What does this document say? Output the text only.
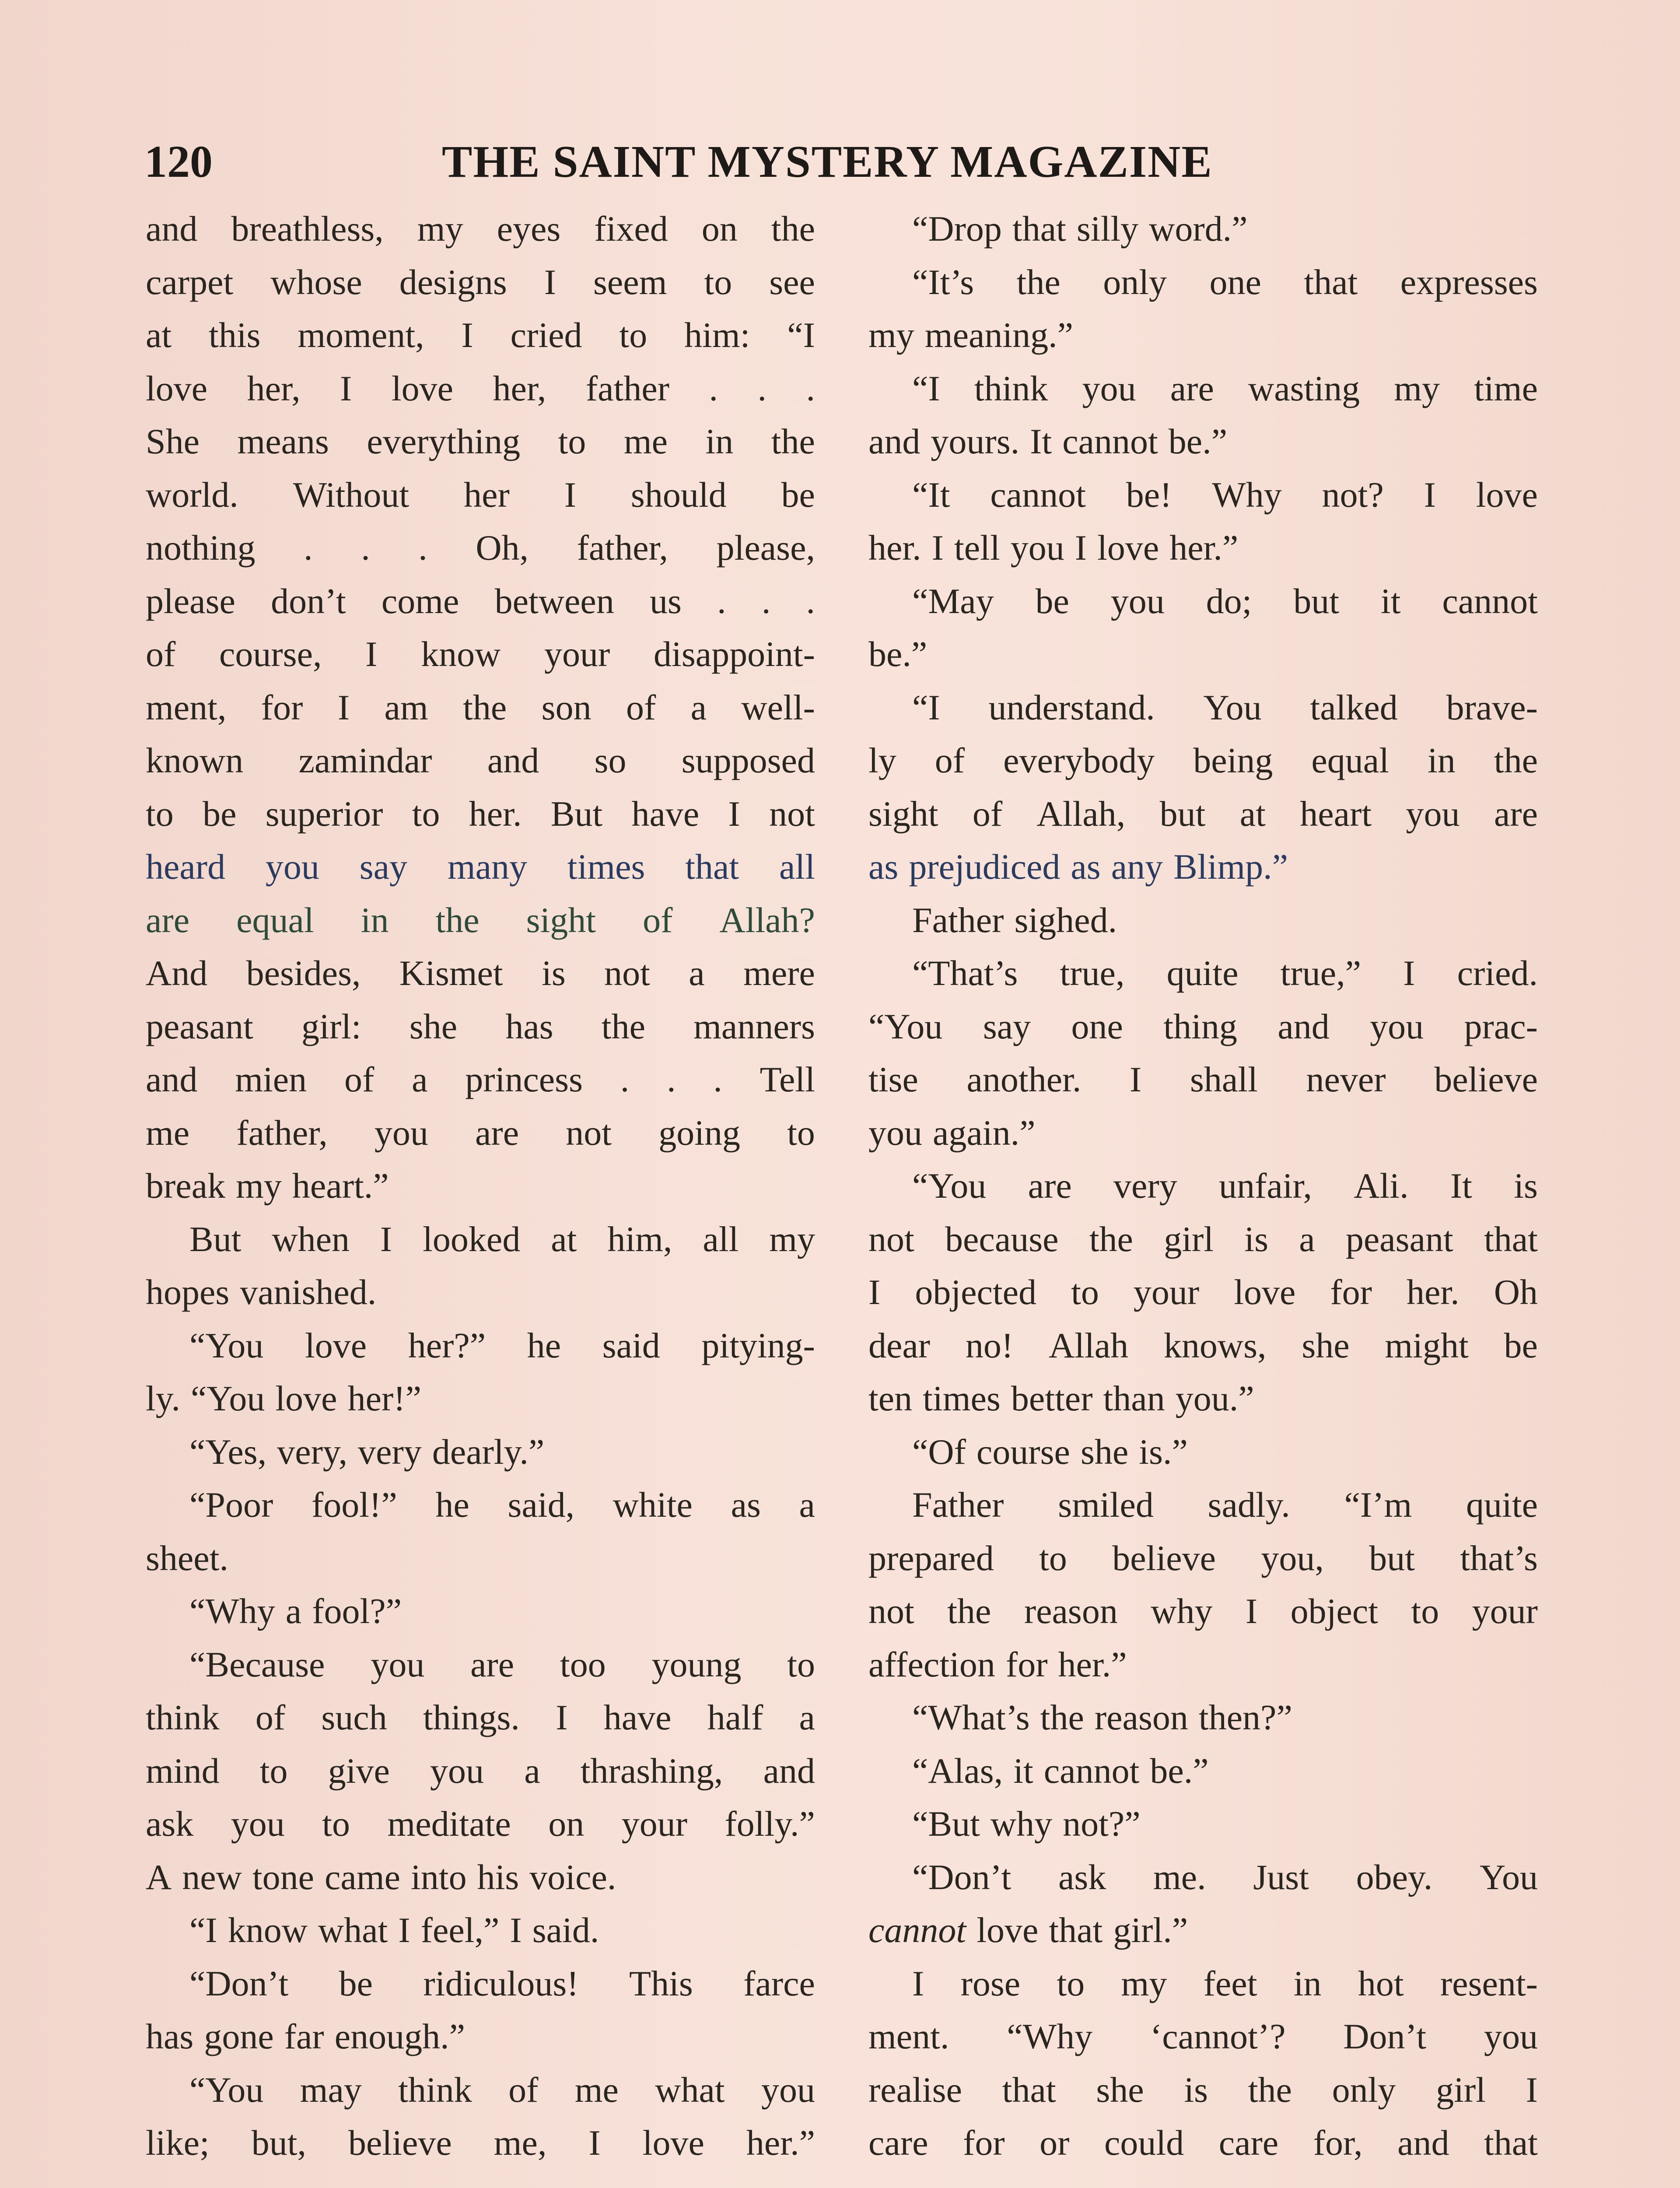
120	THE SAINT MYSTERY MAGAZINE
and breathless, my eyes fixed on the
carpet whose designs I seem to see
at this moment, I cried to him: “I
love her, I love her, father . . .
She means everything to me in the
world. Without her I should be
nothing . . . Oh, father, please,
please don’t come between us . . .
of course, I know your disappoint-
ment, for I am the son of a well-
known zamindar and so supposed
to be superior to her. But have I not
heard you say many times that all
are equal in the sight of Allah?
And besides, Kismet is not a mere
peasant girl: she has the manners
and mien of a princess . . . Tell
me father, you are not going to
break my heart.”
But when I looked at him, all my
hopes vanished.
“You love her?” he said pitying-
ly. “You love her!”
“Yes, very, very dearly.”
“Poor fool!” he said, white as a
sheet.
“Why a fool?”
“Because you are too young to
think of such things. I have half a
mind to give you a thrashing, and
ask you to meditate on your folly.”
A new tone came into his voice.
“I know what I feel,” I said.
“Don’t be ridiculous! This farce
has gone far enough.”
“You may think of me what you
like; but, believe me, I love her.”
“Drop that silly word.”
“It’s the only one that expresses
my meaning.”
“I think you are wasting my time
and yours. It cannot be.”
“It cannot be! Why not? I love
her. I tell you I love her.”
“May be you do; but it cannot
be.”
“I understand. You talked brave-
ly of everybody being equal in the
sight of Allah, but at heart you are
as prejudiced as any Blimp.”
Father sighed.
“That’s true, quite true,” I cried.
“You say one thing and you prac-
tise another. I shall never believe
you again.”
“You are very unfair, Ali. It is
not because the girl is a peasant that
I objected to your love for her. Oh
dear no! Allah knows, she might be
ten times better than you.”
“Of course she is.”
Father smiled sadly. “I’m quite
prepared to believe you, but that’s
not the reason why I object to your
affection for her.”
“What’s the reason then?”
“Alas, it cannot be.”
“But why not?”
“Don’t ask me. Just obey. You
cannot love that girl.”
I rose to my feet in hot resent-
ment. “Why ‘cannot’? Don’t you
realise that she is the only girl I
care for or could care for, and that
